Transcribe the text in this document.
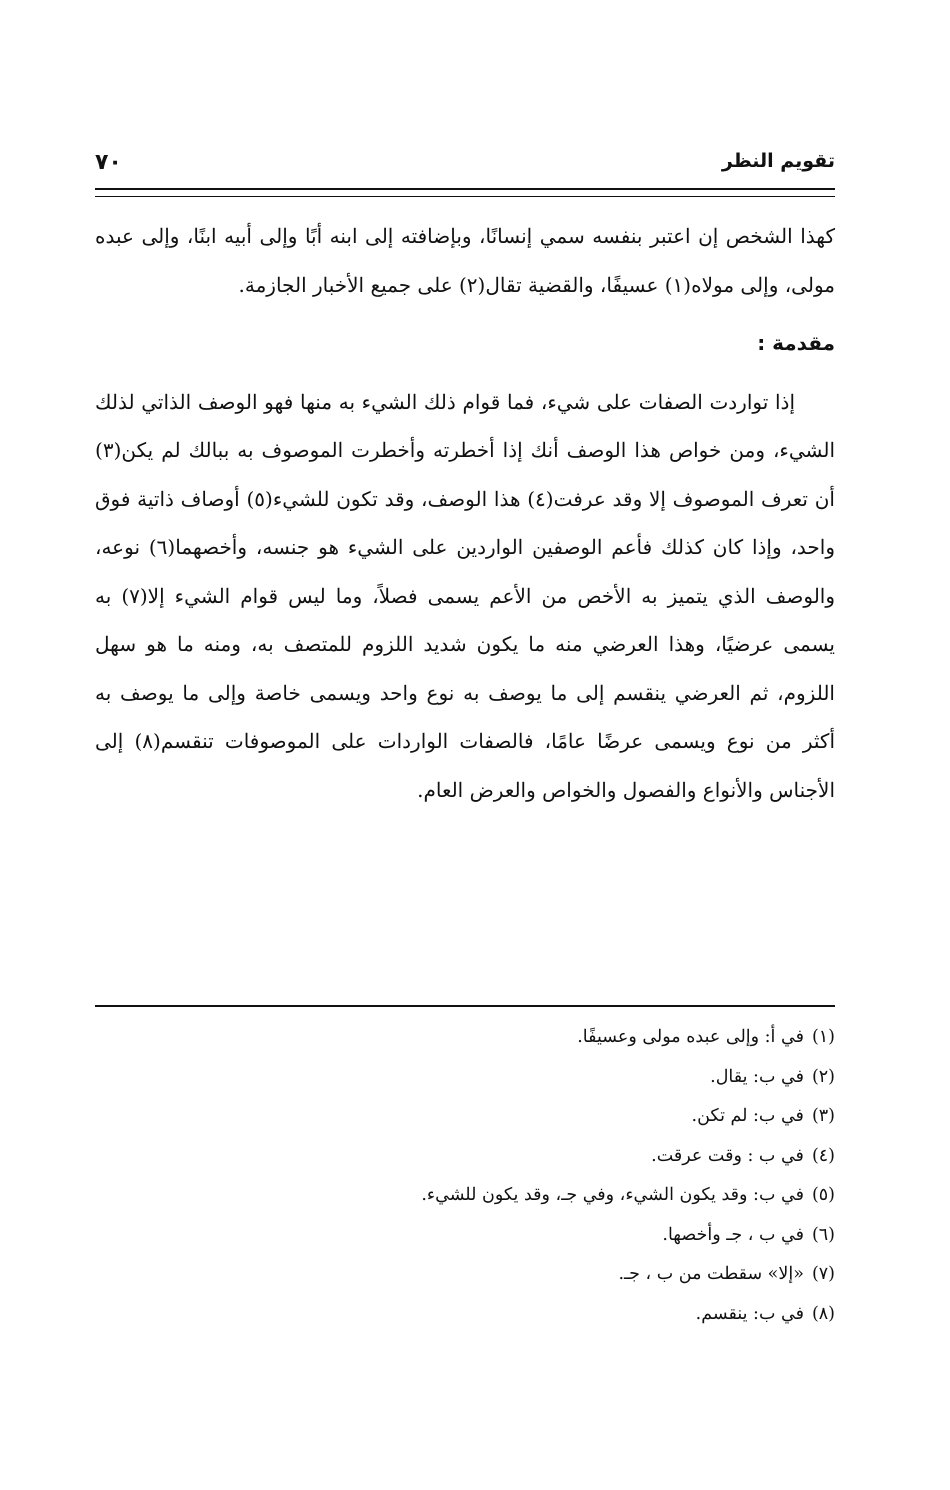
تقويم النظر
٧٠

كهذا الشخص إن اعتبر بنفسه سمي إنسانًا، وبإضافته إلى ابنه أبًا وإلى أبيه ابنًا، وإلى عبده مولى، وإلى مولاه(١) عسيفًا، والقضية تقال(٢) على جميع الأخبار الجازمة.

مقدمة :

إذا تواردت الصفات على شيء، فما قوام ذلك الشيء به منها فهو الوصف الذاتي لذلك الشيء، ومن خواص هذا الوصف أنك إذا أخطرته وأخطرت الموصوف به ببالك لم يكن(٣) أن تعرف الموصوف إلا وقد عرفت(٤) هذا الوصف، وقد تكون للشيء(٥) أوصاف ذاتية فوق واحد، وإذا كان كذلك فأعم الوصفين الواردين على الشيء هو جنسه، وأخصهما(٦) نوعه، والوصف الذي يتميز به الأخص من الأعم يسمى فصلاً، وما ليس قوام الشيء إلا(٧) به يسمى عرضيًا، وهذا العرضي منه ما يكون شديد اللزوم للمتصف به، ومنه ما هو سهل اللزوم، ثم العرضي ينقسم إلى ما يوصف به نوع واحد ويسمى خاصة وإلى ما يوصف به أكثر من نوع ويسمى عرضًا عامًا، فالصفات الواردات على الموصوفات تنقسم(٨) إلى الأجناس والأنواع والفصول والخواص والعرض العام.

(١)في أ: وإلى عبده مولى وعسيفًا.
(٢)في ب: يقال.
(٣)في ب: لم تكن.
(٤)في ب : وقت عرقت.
(٥)في ب: وقد يكون الشيء، وفي جـ، وقد يكون للشيء.
(٦)في ب ، جـ وأخصها.
(٧)«إلا» سقطت من ب ، جـ.
(٨)في ب: ينقسم.
